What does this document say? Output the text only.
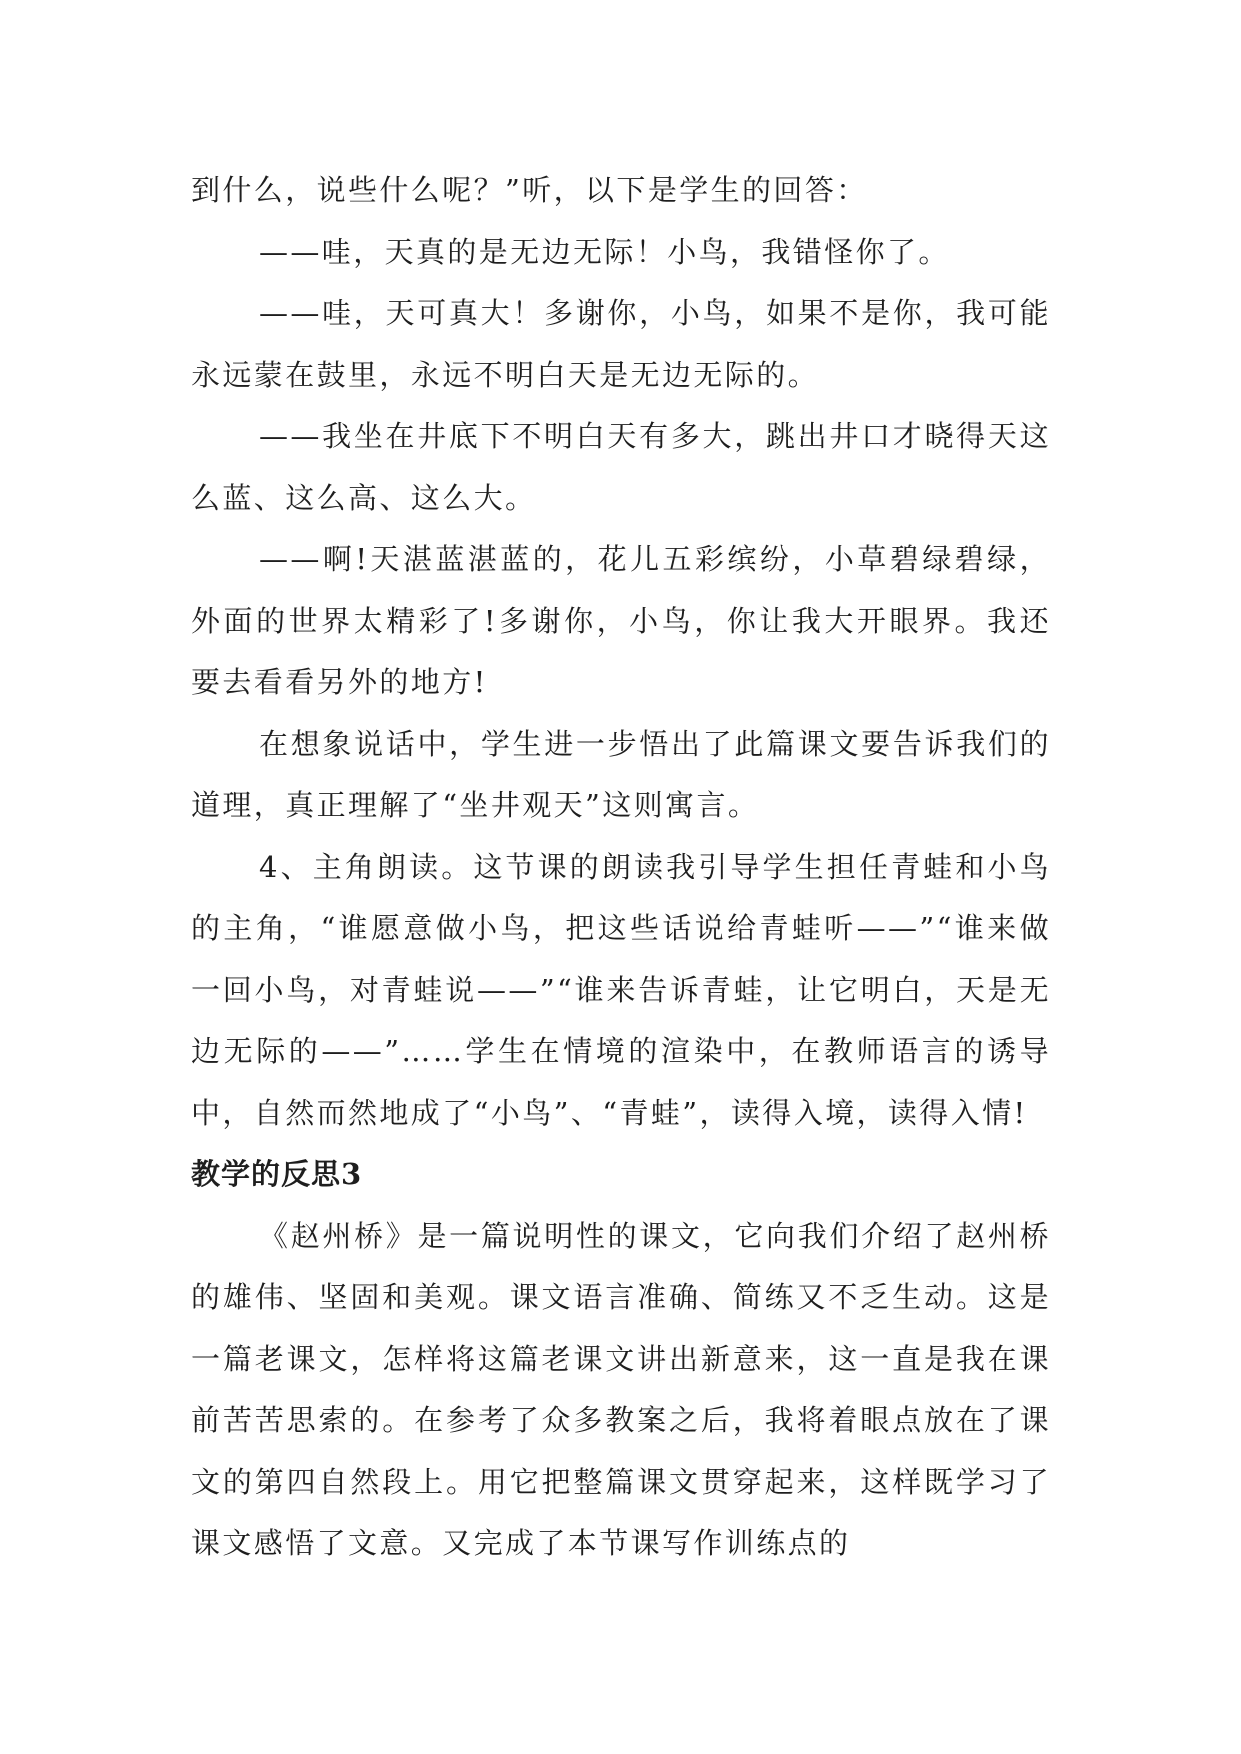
到什么，说些什么呢？”听，以下是学生的回答：

——哇，天真的是无边无际！小鸟，我错怪你了。

——哇，天可真大！多谢你，小鸟，如果不是你，我可能永远蒙在鼓里，永远不明白天是无边无际的。

——我坐在井底下不明白天有多大，跳出井口才晓得天这么蓝、这么高、这么大。

——啊!天湛蓝湛蓝的，花儿五彩缤纷，小草碧绿碧绿，外面的世界太精彩了!多谢你，小鸟，你让我大开眼界。我还要去看看另外的地方!

在想象说话中，学生进一步悟出了此篇课文要告诉我们的道理，真正理解了“坐井观天”这则寓言。

4、主角朗读。这节课的朗读我引导学生担任青蛙和小鸟的主角，“谁愿意做小鸟，把这些话说给青蛙听——”“谁来做一回小鸟，对青蛙说——”“谁来告诉青蛙，让它明白，天是无边无际的——”……学生在情境的渲染中，在教师语言的诱导中，自然而然地成了“小鸟”、“青蛙”，读得入境，读得入情!

教学的反思3

《赵州桥》是一篇说明性的课文，它向我们介绍了赵州桥的雄伟、坚固和美观。课文语言准确、简练又不乏生动。这是一篇老课文，怎样将这篇老课文讲出新意来，这一直是我在课前苦苦思索的。在参考了众多教案之后，我将着眼点放在了课文的第四自然段上。用它把整篇课文贯穿起来，这样既学习了课文感悟了文意。又完成了本节课写作训练点的
